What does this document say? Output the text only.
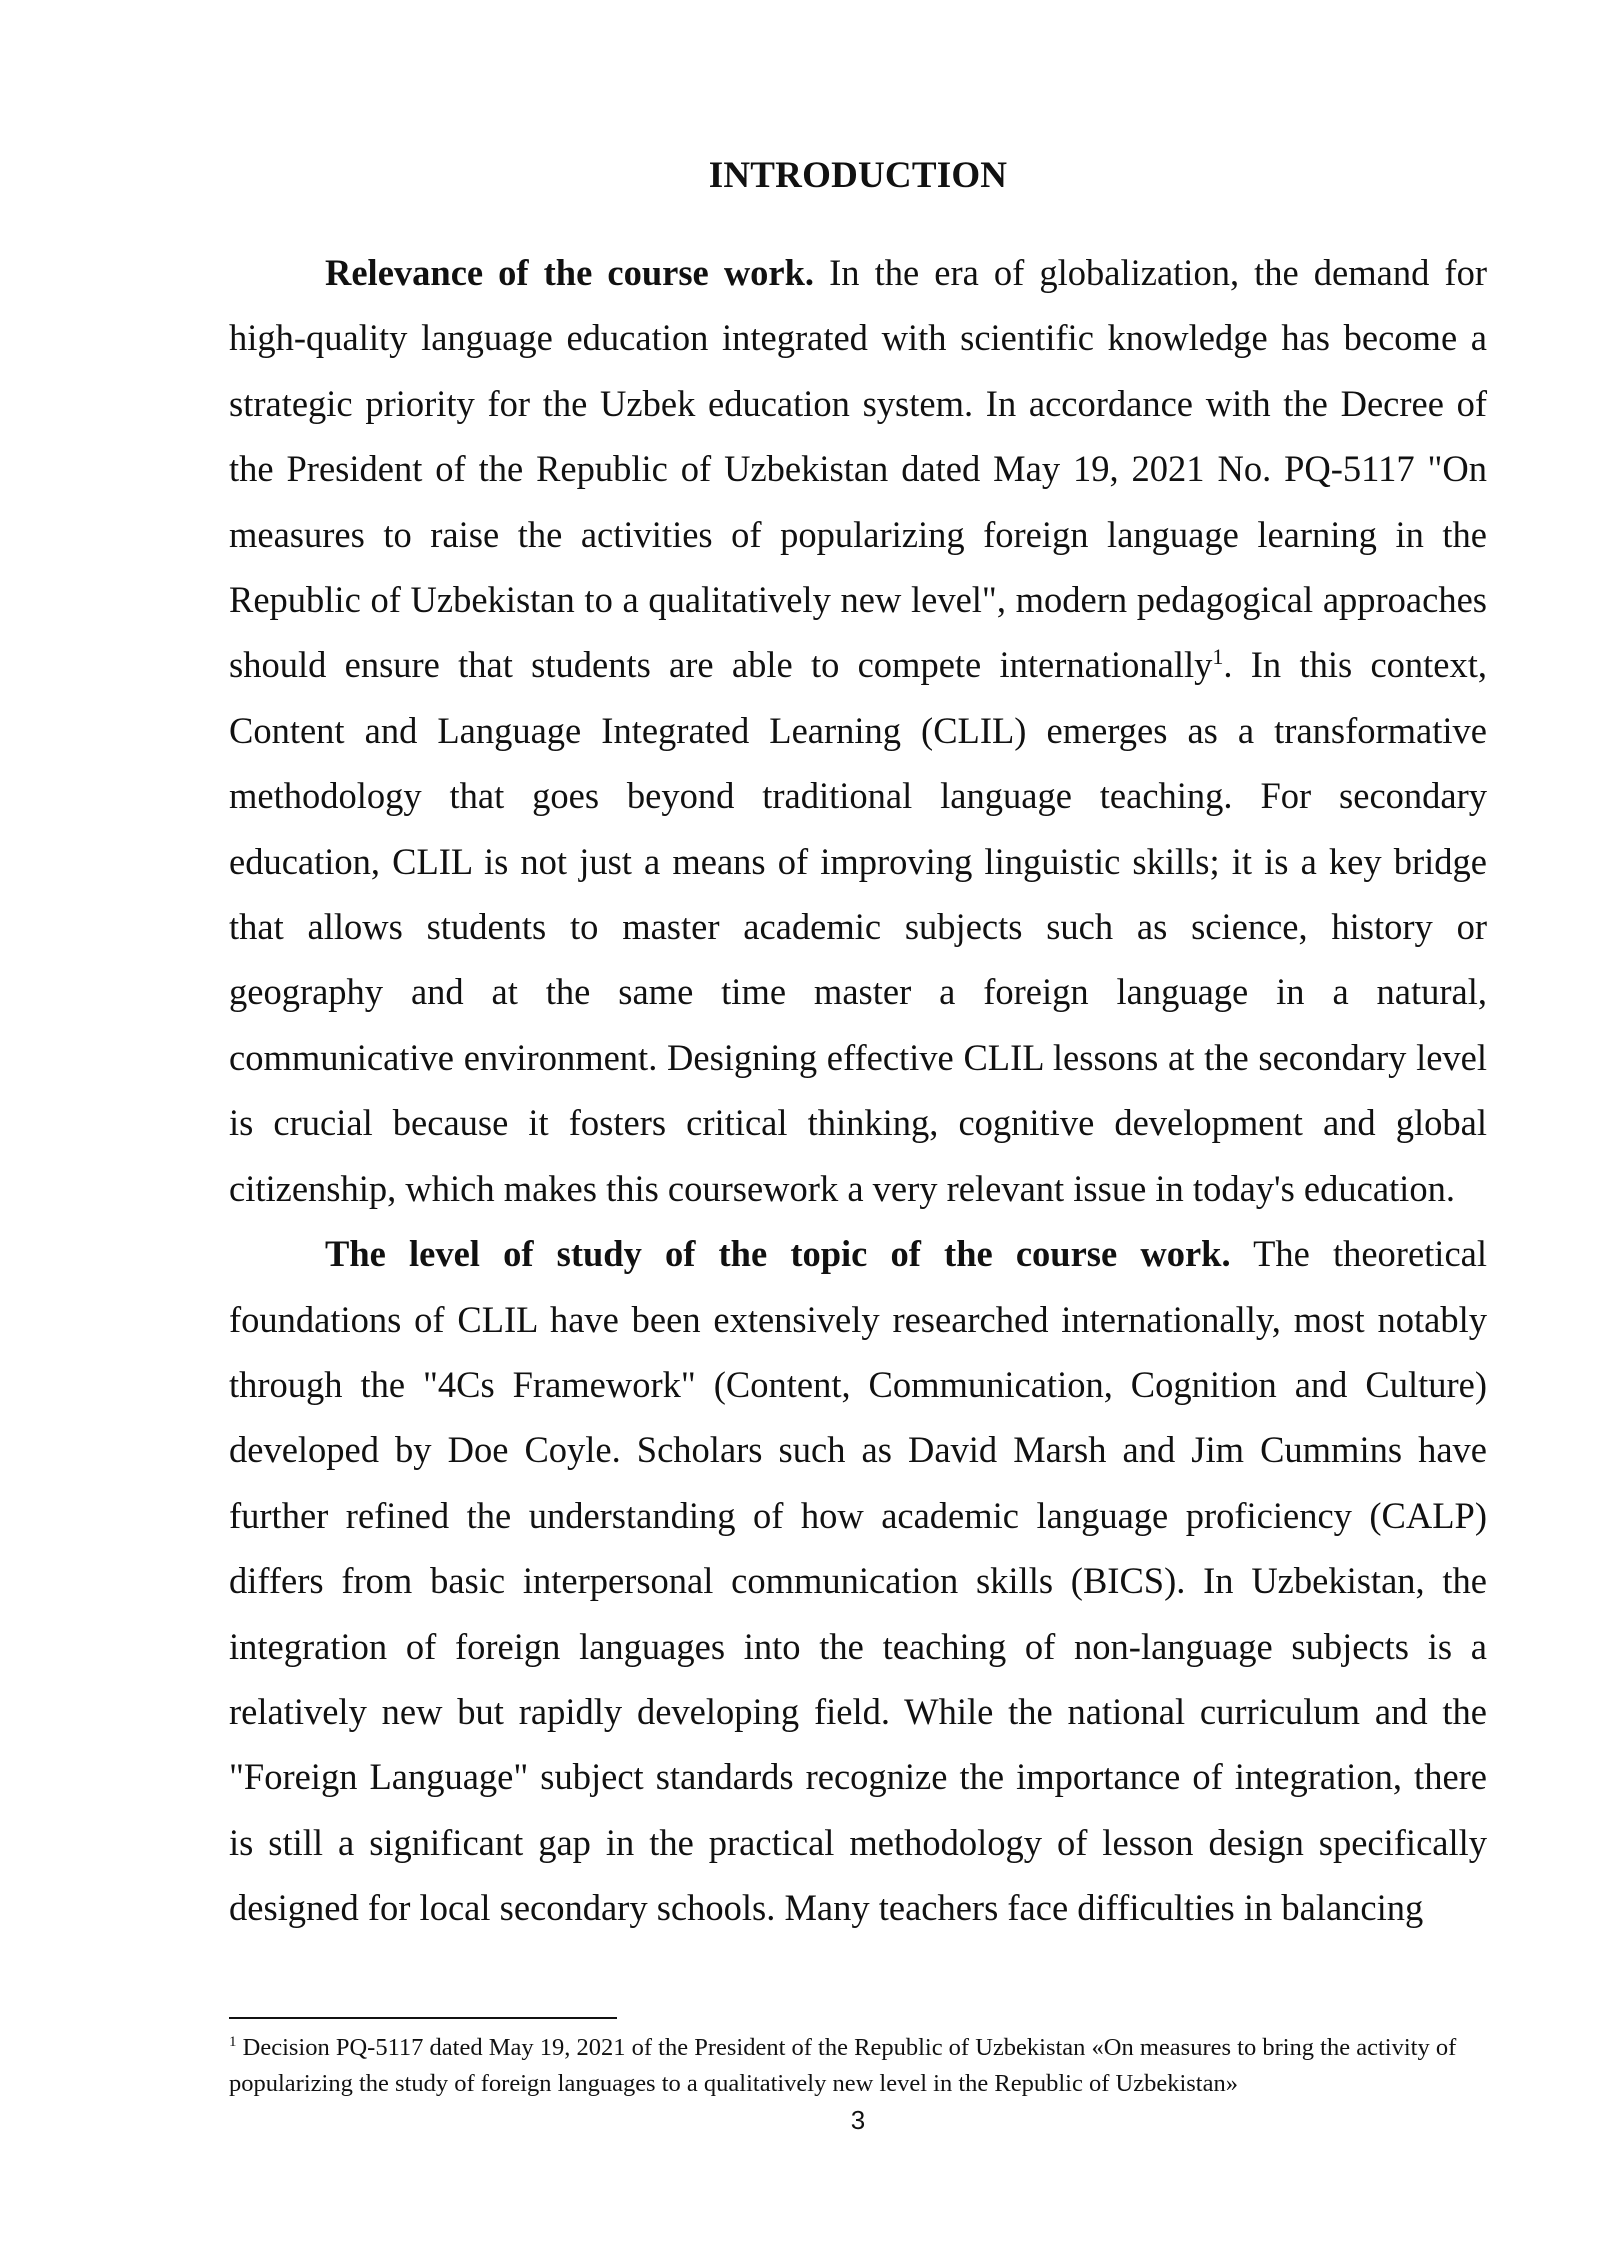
INTRODUCTION

Relevance of the course work. In the era of globalization, the demand for high-quality language education integrated with scientific knowledge has become a strategic priority for the Uzbek education system. In accordance with the Decree of the President of the Republic of Uzbekistan dated May 19, 2021 No. PQ-5117 "On measures to raise the activities of popularizing foreign language learning in the Republic of Uzbekistan to a qualitatively new level", modern pedagogical approaches should ensure that students are able to compete internationally$^1$. In this context, Content and Language Integrated Learning (CLIL) emerges as a transformative methodology that goes beyond traditional language teaching. For secondary education, CLIL is not just a means of improving linguistic skills; it is a key bridge that allows students to master academic subjects such as science, history or geography and at the same time master a foreign language in a natural, communicative environment. Designing effective CLIL lessons at the secondary level is crucial because it fosters critical thinking, cognitive development and global citizenship, which makes this coursework a very relevant issue in today's education.

The level of study of the topic of the course work. The theoretical foundations of CLIL have been extensively researched internationally, most notably through the "4Cs Framework" (Content, Communication, Cognition and Culture) developed by Doe Coyle. Scholars such as David Marsh and Jim Cummins have further refined the understanding of how academic language proficiency (CALP) differs from basic interpersonal communication skills (BICS). In Uzbekistan, the integration of foreign languages into the teaching of non-language subjects is a relatively new but rapidly developing field. While the national curriculum and the "Foreign Language" subject standards recognize the importance of integration, there is still a significant gap in the practical methodology of lesson design specifically designed for local secondary schools. Many teachers face difficulties in balancing

$^1$ Decision PQ-5117 dated May 19, 2021 of the President of the Republic of Uzbekistan «On measures to bring the activity of popularizing the study of foreign languages to a qualitatively new level in the Republic of Uzbekistan»

3
